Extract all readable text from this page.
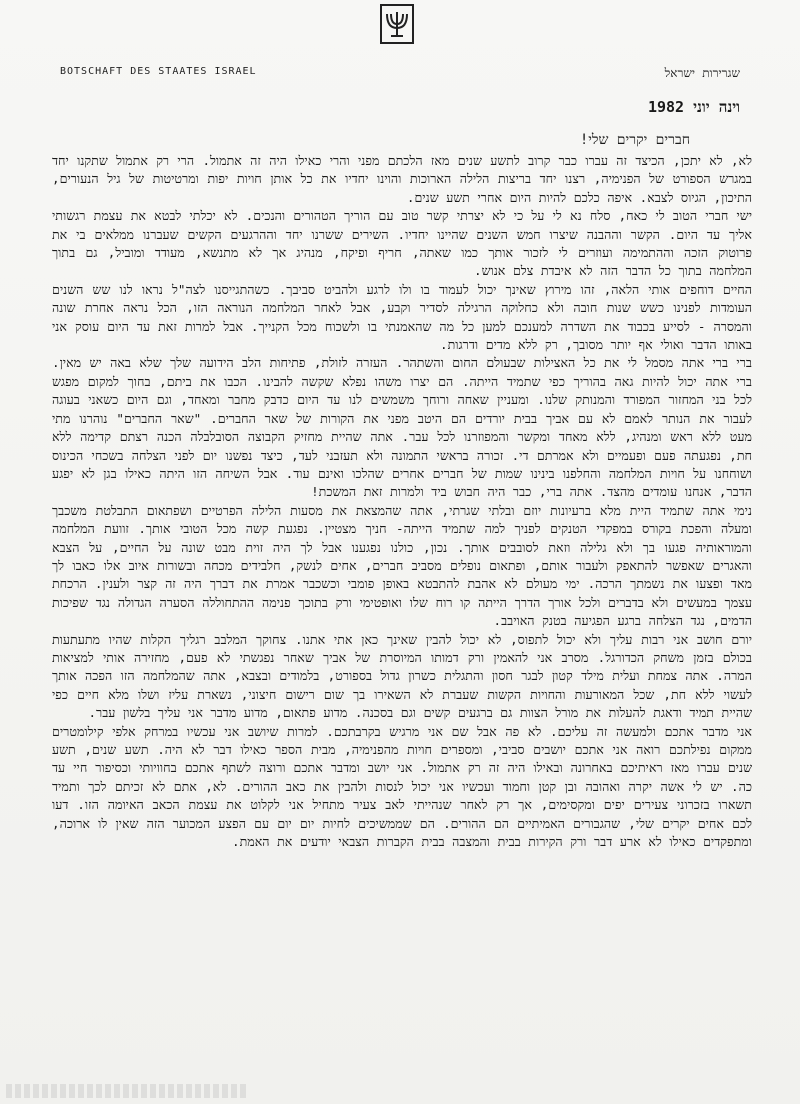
BOTSCHAFT DES STAATES ISRAEL	שגרירות ישראל
וינה יוני 1982
חברים יקרים שלי!

לא, לא יתכן, הכיצד זה עברו כבר קרוב לתשע שנים מאז הלכתם מפני והרי כאילו היה זה אתמול. הרי רק אתמול שתקנו יחד במגרש הספורט של הפנימיה, רצנו יחד בריצות הלילה הארוכות והוינו יחדיו את כל אותן חויות יפות ומרטיטות של גיל הנעורים, התיכון, הגיוס לצבא. איפה כלכם להיות היום אחרי תשע שנים.

ישי חברי הטוב לי כאח, סלח נא לי על כי לא יצרתי קשר טוב עם הוריך הטהורים והנכים. לא יכלתי לבטא את עצמת רגשותי אליך עד היום. הקשר וההבנה שיצרו חמש השנים שהיינו יחדיו. השירים ששרנו יחד וההרגעים הקשים שעברנו ממלאים בי את פרוטוק הזכה וההתמימה ועוזרים לי לזכור אותך כמו שאתה, חריף ופיקח, מנהיג אך לא מתנשא, מעודד ומוביל, גם בתוך המלחמה בתוך כל הדבר הזה לא איבדת צלם אנוש.

החיים דוחפים אותי הלאה, זהו מירוץ שאינך יכול לעמוד בו ולו לרגע ולהביט סביבך. כשהתגייסנו לצה"ל נראו לנו שש השנים העומדות לפנינו כשש שנות חובה ולא כחלוקה הרגילה לסדיר וקבע, אבל לאחר המלחמה הנוראה הזו, הכל נראה אחרת שונה והמסרה - לסייע בכבוד את השדרה למענכם למען כל מה שהאמנתי בו ולשכוח מכל הקנייך. אבל למרות זאת עד היום עוסק אני באותו הדבר ואולי אף יותר מסובך, רק ללא מדים ודרגות.

ברי ברי אתה מסמל לי את כל האצילות שבעולם החום והשתהר. העזרה לזולת, פתיחות הלב הידועה שלך שלא באה יש מאין. ברי אתה יכול להיות גאה בהוריך כפי שתמיד הייתה. הם יצרו משהו נפלא שקשה להבינו. הכבו את ביתם, בחוך למקום מפגש לכל בני המחזור המפורד והמנותק שלנו. ומעניין שאחה ורוחך משמשים לנו עד היום כדבק מחבר ומאחד, וגם היום כשאני בעוגה לעבור את הנותר לאמם לא עם אביך בבית יורדים הם היטב מפני את הקורות של שאר החברים. "שאר החברים" נוהרנו מתי מעט ללא ראש ומנהיג, ללא מאחד ומקשר והמפוזרנו לכל עבר. אתה שהיית מחזיק הקבוצה הסובלבלה הכנה רצתם קדימה ללא חת, נפגעתה פעם ופעמיים ולא אמרתם די. זכורה בראשי התמונה ולא תעזבני לעד, כיצד נפשנו יום לפני הצלחה בשכחי הכינוס ושוחחנו על חויות המלחמה והחלפנו בינינו שמות של חברים אחרים שהלכו ואינם עוד. אבל השיחה הזו היתה כאילו בגן לא יפגע הדבר, אנחנו עומדים מהצד. אתה ברי, כבר היה חבוש ביד ולמרות זאת המשכת!

נימי אתה שתמיד היית מלא ברעיונות יוזם ובלתי שגרתי, אתה שהמצאת את מסעות הלילה הפרטיים ושפתאום התבלטת משכבך ומעלה והפכת בקורס במפקדי הטנקים לפניך למה שתמיד הייתה- חניך מצטיין. נפגעת קשה מכל הטובי אותך. זוועת המלחמה והמוראותיה פגעו בך ולא גלילה וזאת לסובבים אותך. נכון, כולנו נפגענו אבל לך היה זוית מבט שונה על החיים, על הצבא והאגרים שאפשר להתאפק ולעבור אותם, ופתאום נופלים מסביב חברים, אחים לנשק, חלבידים מכחה ובשורות איוב אלו כאבו לך מאד ופצעו את נשמתך הרכה. ימי מעולם לא אהבת להתבטא באופן פומבי וכשכבר אמרת את דברך היה זה קצר ולענין. הרכחת עצמך במעשים ולא בדברים ולכל אורך הדרך הייתה קו רוח שלו ואופטימי ורק בתוכך פנימה ההתחוללה הסערה הגדולה נגד שפיכות הדמים, נגד הצלחה ברגע הפגיעה בטנק האויבב.

יורם חושב אני רבות עליך ולא יכול לתפוס, לא יכול להבין שאינך כאן אתי אתנו. צחוקך המלבב רגליך הקלות שהיו מתעתעות בכולם בזמן משחק הכדורגל. מסרב אני להאמין ורק דמותו המיוסרת של אביך שאחר נפגשתי לא פעם, מחזירה אותי למציאות המרה. אתה צמחת ועלית מילד קטון לבגר חסון והתגלית כשרון גדול בספורט, בלמודים ובצבא, אתה שהמלחמה הזו הפכה אותך לעשוי ללא חת, שכל המאורעות והחויות הקשות שעברת לא השאירו בך שום רישום חיצוני, נשארת עליז ושלו מלא חיים כפי שהיית תמיד ודאגת להעלות את מורל הצוות גם ברגעים קשים וגם בסכנה. מדוע פתאום, מדוע מדבר אני עליך בלשון עבר.

אני מדבר אתכם ולמעשה זה עליכם. לא פה אבל שם אני מרגיש בקרבתכם. למרות שיושב אני עכשיו במרחק אלפי קילומטרים ממקום נפילתכם רואה אני אתכם יושבים סביבי, ומספרים חויות מהפנימיה, מבית הספר כאילו דבר לא היה. תשע שנים, תשע שנים עברו מאז ראיתיכם באחרונה ובאילו היה זה רק אתמול. אני יושב ומדבר אתכם ורוצה לשתף אתכם בחוויותי וכסיפור חיי עד כה. יש לי אשה יקרה ואהובה ובן קטן וחמוד ועכשיו אני יכול לנסות ולהבין את כאב ההורים. לא, אתם לא זכיתם לכך ותמיד תשארו בזכרוני צעירים יפים ומקסימים, אך רק לאחר שנהייתי לאב צעיר מתחיל אני לקלוט את עצמת הכאב האיומה הזו. דעו לכם אחים יקרים שלי, שהגבורים האמיתיים הם ההורים. הם שממשיכים לחיות יום יום עם הפצע המכוער הזה שאין לו ארוכה, ומתפקדים כאילו לא ארע דבר ורק הקירות בבית והמצבה בבית הקברות הצבאי יודעים את האמת.
